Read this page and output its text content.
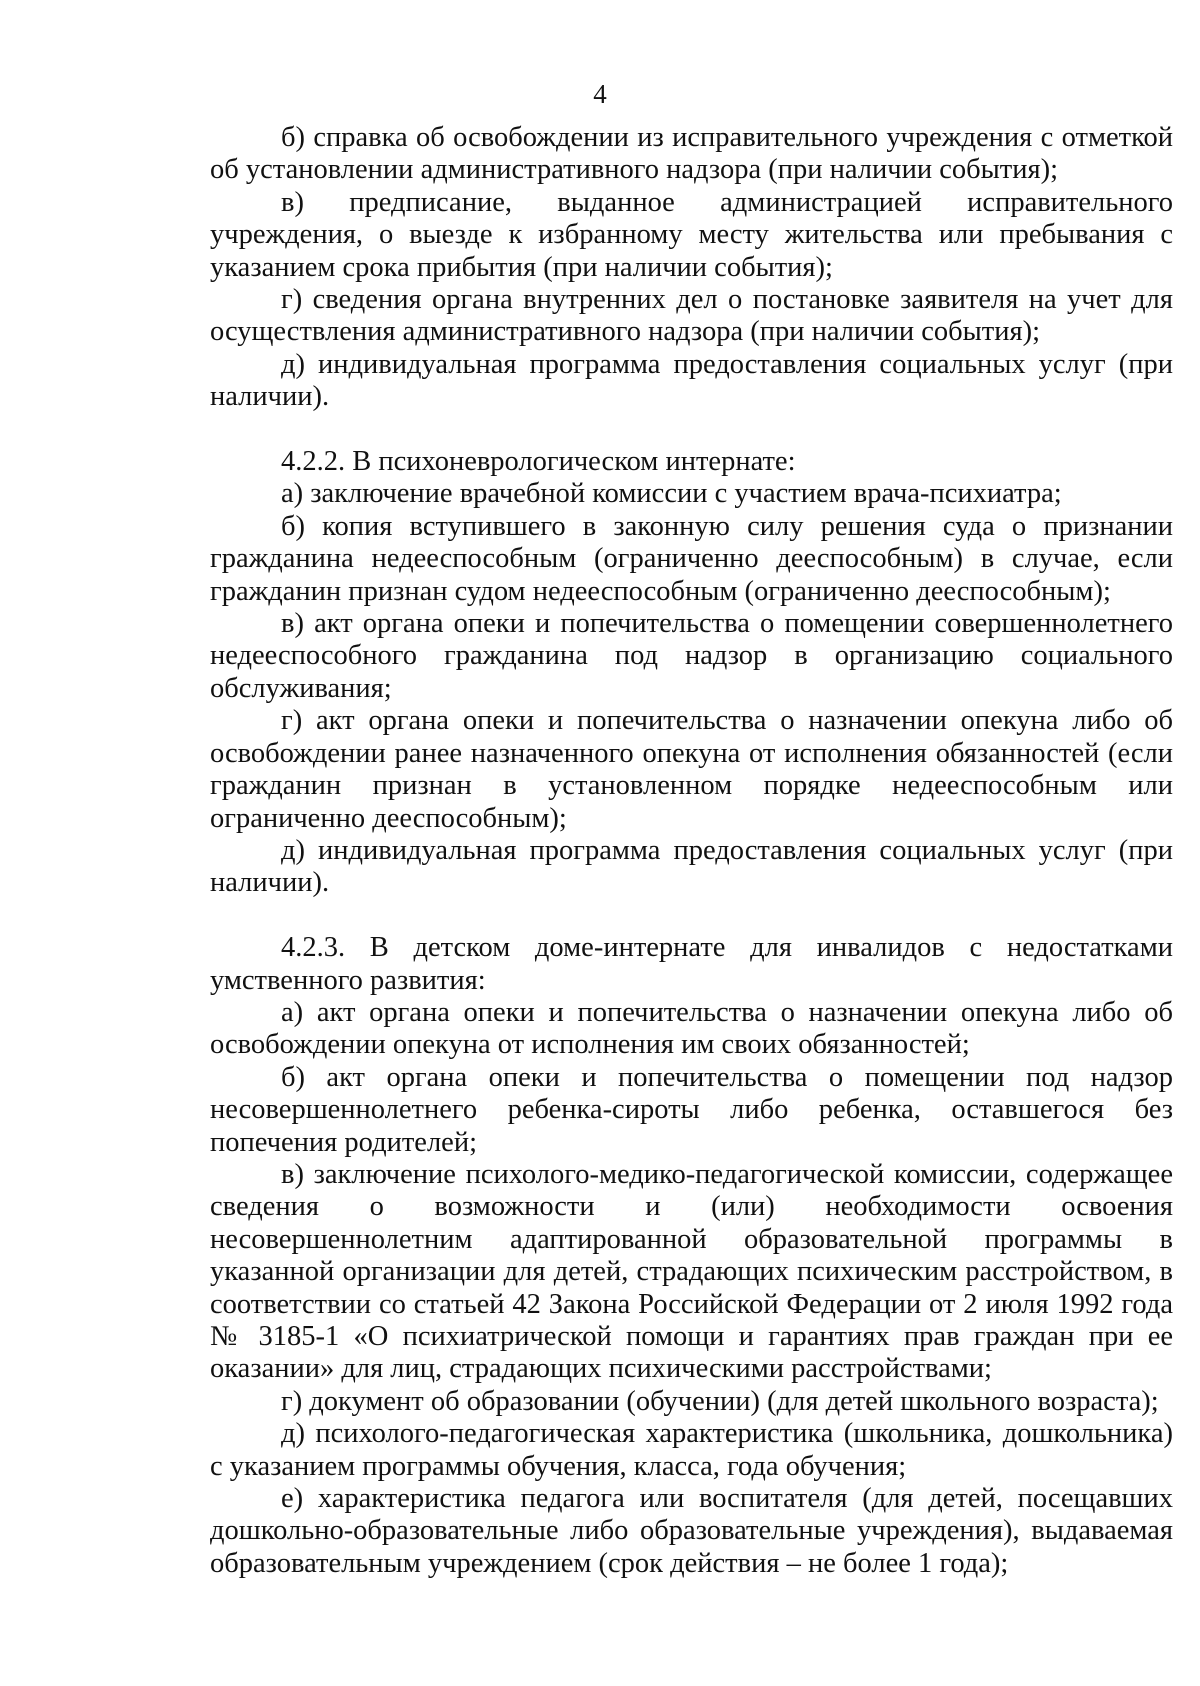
4

б) справка об освобождении из исправительного учреждения с отметкой об установлении административного надзора (при наличии события);

в) предписание, выданное администрацией исправительного учреждения, о выезде к избранному месту жительства или пребывания с указанием срока прибытия (при наличии события);

г) сведения органа внутренних дел о постановке заявителя на учет для осуществления административного надзора (при наличии события);

д) индивидуальная программа предоставления социальных услуг (при наличии).

4.2.2. В психоневрологическом интернате:

а) заключение врачебной комиссии с участием врача-психиатра;

б) копия вступившего в законную силу решения суда о признании гражданина недееспособным (ограниченно дееспособным) в случае, если гражданин признан судом недееспособным (ограниченно дееспособным);

в) акт органа опеки и попечительства о помещении совершеннолетнего недееспособного гражданина под надзор в организацию социального обслуживания;

г) акт органа опеки и попечительства о назначении опекуна либо об освобождении ранее назначенного опекуна от исполнения обязанностей (если гражданин признан в установленном порядке недееспособным или ограниченно дееспособным);

д) индивидуальная программа предоставления социальных услуг (при наличии).

4.2.3. В детском доме-интернате для инвалидов с недостатками умственного развития:

а) акт органа опеки и попечительства о назначении опекуна либо об освобождении опекуна от исполнения им своих обязанностей;

б) акт органа опеки и попечительства о помещении под надзор несовершеннолетнего ребенка-сироты либо ребенка, оставшегося без попечения родителей;

в) заключение психолого-медико-педагогической комиссии, содержащее сведения о возможности и (или) необходимости освоения несовершеннолетним адаптированной образовательной программы в указанной организации для детей, страдающих психическим расстройством, в соответствии со статьей 42 Закона Российской Федерации от 2 июля 1992 года № 3185-1 «О психиатрической помощи и гарантиях прав граждан при ее оказании» для лиц, страдающих психическими расстройствами;

г) документ об образовании (обучении) (для детей школьного возраста);

д) психолого-педагогическая характеристика (школьника, дошкольника) с указанием программы обучения, класса, года обучения;

е) характеристика педагога или воспитателя (для детей, посещавших дошкольно-образовательные либо образовательные учреждения), выдаваемая образовательным учреждением (срок действия – не более 1 года);
